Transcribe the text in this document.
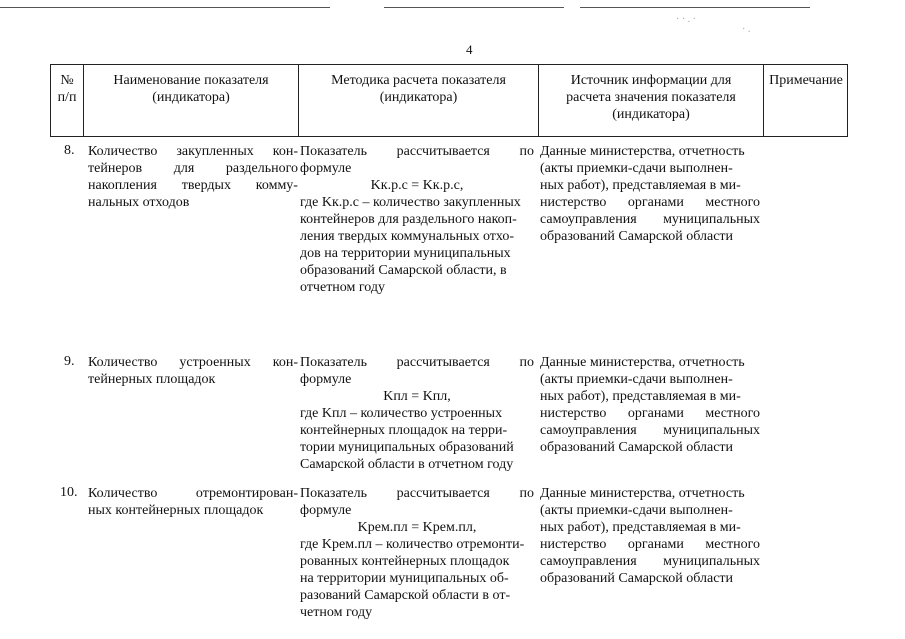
4
№
п/п
Наименование показателя
(индикатора)
Методика расчета показателя
(индикатора)
Источник информации для
расчета значения показателя
(индикатора)
Примечание
8. Количество закупленных кон-
тейнеров для раздельного
накопления твердых комму-
нальных отходов
Показатель рассчитывается по
формуле
Kк.р.с = Kк.р.с,
где Kк.р.с – количество закупленных
контейнеров для раздельного накоп-
ления твердых коммунальных отхо-
дов на территории муниципальных
образований Самарской области, в
отчетном году
Данные министерства, отчетность
(акты приемки-сдачи выполнен-
ных работ), представляемая в ми-
нистерство органами местного
самоуправления муниципальных
образований Самарской области
9. Количество устроенных кон-
тейнерных площадок
Показатель рассчитывается по
формуле
Kпл = Kпл,
где Kпл – количество устроенных
контейнерных площадок на терри-
тории муниципальных образований
Самарской области в отчетном году
Данные министерства, отчетность
(акты приемки-сдачи выполнен-
ных работ), представляемая в ми-
нистерство органами местного
самоуправления муниципальных
образований Самарской области
10. Количество	отремонтирован-
ных контейнерных площадок
Показатель рассчитывается по
формуле
Kрем.пл = Kрем.пл,
где Kрем.пл – количество отремонти-
рованных контейнерных площадок
на территории муниципальных об-
разований Самарской области в от-
четном году
Данные министерства, отчетность
(акты приемки-сдачи выполнен-
ных работ), представляемая в ми-
нистерство органами местного
самоуправления муниципальных
образований Самарской области
· · . ·
· .
